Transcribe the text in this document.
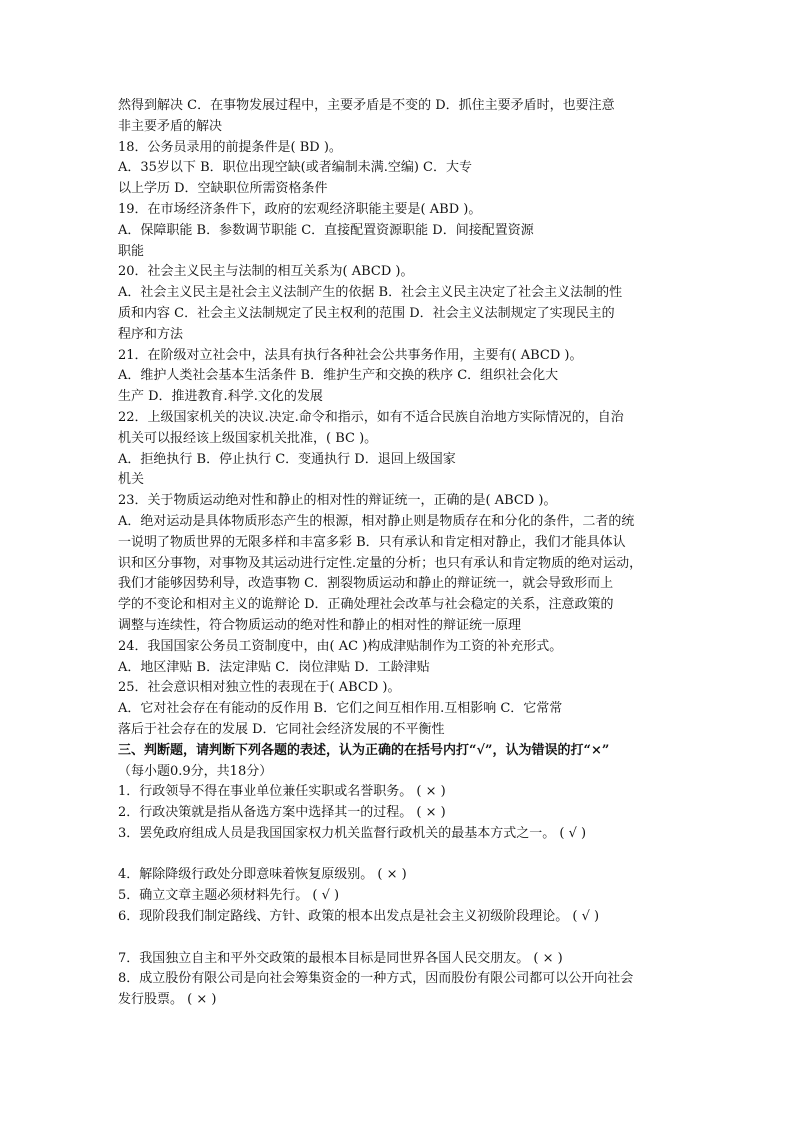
然得到解决 C．在事物发展过程中，主要矛盾是不变的 D．抓住主要矛盾时，也要注意
非主要矛盾的解决
18．公务员录用的前提条件是( BD )。
A．35岁以下 B．职位出现空缺(或者编制未满.空编) C．大专
以上学历 D．空缺职位所需资格条件
19．在市场经济条件下，政府的宏观经济职能主要是( ABD )。
A．保障职能 B．参数调节职能 C．直接配置资源职能 D．间接配置资源
职能
20．社会主义民主与法制的相互关系为( ABCD )。
A．社会主义民主是社会主义法制产生的依据 B．社会主义民主决定了社会主义法制的性
质和内容 C．社会主义法制规定了民主权利的范围 D．社会主义法制规定了实现民主的
程序和方法
21．在阶级对立社会中，法具有执行各种社会公共事务作用，主要有( ABCD )。
A．维护人类社会基本生活条件 B．维护生产和交换的秩序 C．组织社会化大
生产 D．推进教育.科学.文化的发展
22．上级国家机关的决议.决定.命令和指示，如有不适合民族自治地方实际情况的，自治
机关可以报经该上级国家机关批准，( BC )。
A．拒绝执行 B．停止执行 C．变通执行 D．退回上级国家
机关
23．关于物质运动绝对性和静止的相对性的辩证统一，正确的是( ABCD )。
A．绝对运动是具体物质形态产生的根源，相对静止则是物质存在和分化的条件，二者的统
一说明了物质世界的无限多样和丰富多彩 B．只有承认和肯定相对静止，我们才能具体认
识和区分事物，对事物及其运动进行定性.定量的分析；也只有承认和肯定物质的绝对运动，
我们才能够因势利导，改造事物 C．割裂物质运动和静止的辩证统一，就会导致形而上
学的不变论和相对主义的诡辩论 D．正确处理社会改革与社会稳定的关系，注意政策的
调整与连续性，符合物质运动的绝对性和静止的相对性的辩证统一原理
24．我国国家公务员工资制度中，由( AC )构成津贴制作为工资的补充形式。
A．地区津贴 B．法定津贴 C．岗位津贴 D．工龄津贴
25．社会意识相对独立性的表现在于( ABCD )。
A．它对社会存在有能动的反作用 B．它们之间互相作用.互相影响 C．它常常
落后于社会存在的发展 D．它同社会经济发展的不平衡性
三、判断题，请判断下列各题的表述，认为正确的在括号内打“√”，认为错误的打“×”
（每小题0.9分，共18分）
1．行政领导不得在事业单位兼任实职或名誉职务。 ( × )
2．行政决策就是指从备选方案中选择其一的过程。 ( × )
3．罢免政府组成人员是我国国家权力机关监督行政机关的最基本方式之一。 ( √ )
4．解除降级行政处分即意味着恢复原级别。 ( × )
5．确立文章主题必须材料先行。 ( √ )
6．现阶段我们制定路线、方针、政策的根本出发点是社会主义初级阶段理论。 ( √ )
7．我国独立自主和平外交政策的最根本目标是同世界各国人民交朋友。 ( × )
8．成立股份有限公司是向社会筹集资金的一种方式，因而股份有限公司都可以公开向社会
发行股票。 ( × )
